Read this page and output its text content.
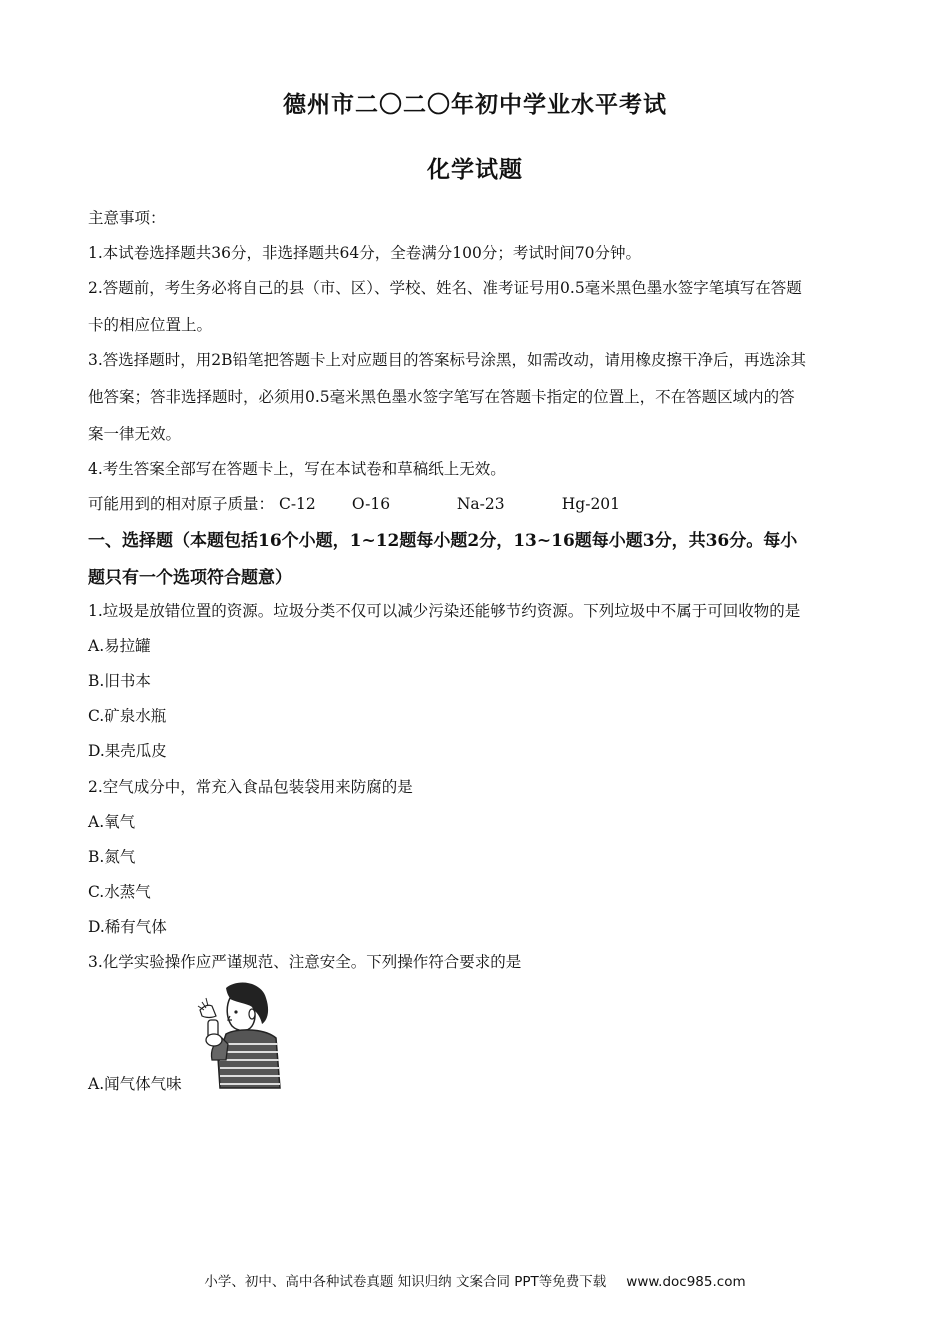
德州市二〇二〇年初中学业水平考试
化学试题
主意事项：
1.本试卷选择题共36分，非选择题共64分，全卷满分100分；考试时间70分钟。
2.答题前，考生务必将自己的县（市、区）、学校、姓名、准考证号用0.5毫米黑色墨水签字笔填写在答题
卡的相应位置上。
3.答选择题时，用2B铅笔把答题卡上对应题目的答案标号涂黑，如需改动，请用橡皮擦干净后，再选涂其
他答案；答非选择题时，必须用0.5毫米黑色墨水签字笔写在答题卡指定的位置上，不在答题区域内的答
案一律无效。
4.考生答案全部写在答题卡上，写在本试卷和草稿纸上无效。
可能用到的相对原子质量： C-12 O-16	Na-23	Hg-201
一、选择题（本题包括16个小题，1~12题每小题2分，13~16题每小题3分，共36分。每小
题只有一个选项符合题意）
1.垃圾是放错位置的资源。垃圾分类不仅可以减少污染还能够节约资源。下列垃圾中不属于可回收物的是
A.易拉罐
B.旧书本
C.矿泉水瓶
D.果壳瓜皮
2.空气成分中，常充入食品包装袋用来防腐的是
A.氧气
B.氮气
C.水蒸气
D.稀有气体
3.化学实验操作应严谨规范、注意安全。下列操作符合要求的是
A.闻气体气味
小学、初中、高中各种试卷真题 知识归纳 文案合同 PPT等免费下载 www.doc985.com
